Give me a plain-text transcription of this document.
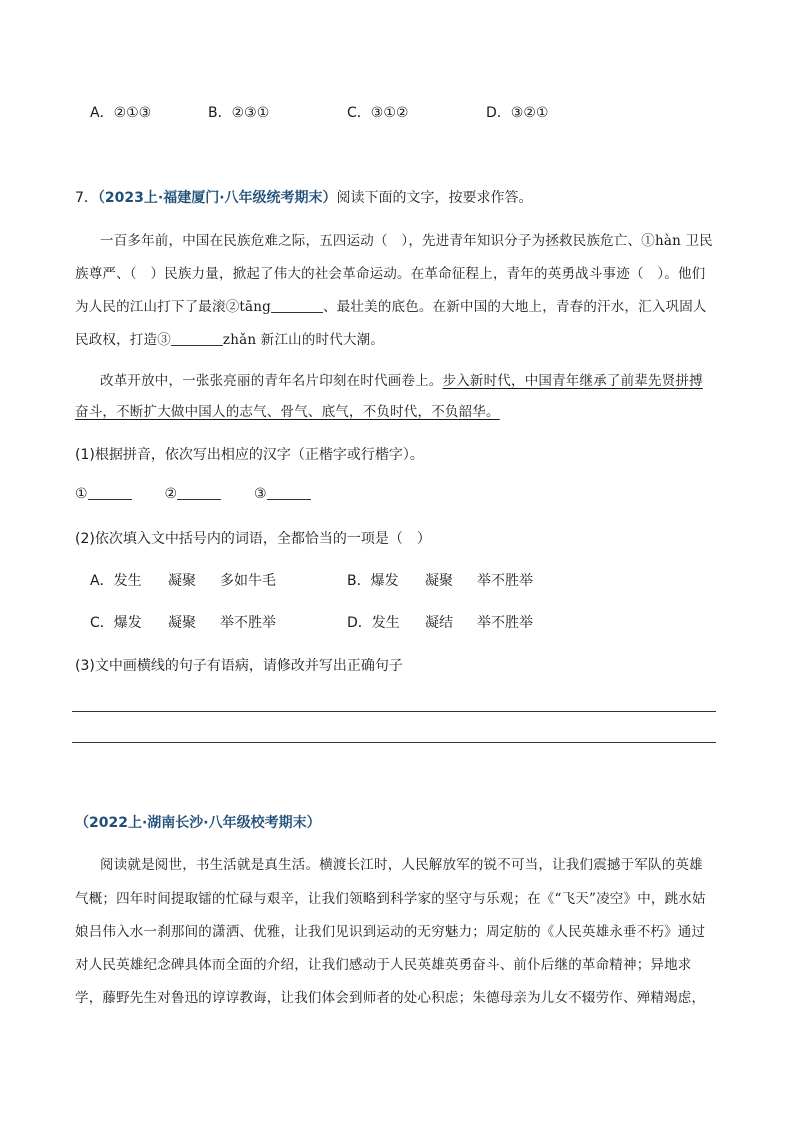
A．②①③	B．②③①	C．③①②	D．③②①
7．（2023上·福建厦门·八年级统考期末）阅读下面的文字，按要求作答。
一百多年前，中国在民族危难之际，五四运动（　），先进青年知识分子为拯救民族危亡、①hàn 卫民
族尊严、（　）民族力量，掀起了伟大的社会革命运动。在革命征程上，青年的英勇战斗事迹（　）。他们
为人民的江山打下了最滚②tāng	、最壮美的底色。在新中国的大地上，青春的汗水，汇入巩固人
民政权，打造③	zhǎn 新江山的时代大潮。
改革开放中，一张张亮丽的青年名片印刻在时代画卷上。步入新时代，中国青年继承了前辈先贤拼搏
奋斗，不断扩大做中国人的志气、骨气、底气，不负时代，不负韶华。
(1)根据拼音，依次写出相应的汉字（正楷字或行楷字）。
①	②	③
(2)依次填入文中括号内的词语，全都恰当的一项是（　）
A．发生 凝聚 多如牛毛	B．爆发 凝聚 举不胜举
C．爆发 凝聚 举不胜举	D．发生 凝结 举不胜举
(3)文中画横线的句子有语病，请修改并写出正确句子
（2022上·湖南长沙·八年级校考期末）
阅读就是阅世，书生活就是真生活。横渡长江时，人民解放军的锐不可当，让我们震撼于军队的英雄
气概；四年时间提取镭的忙碌与艰辛，让我们领略到科学家的坚守与乐观；在《“飞天”凌空》中，跳水姑
娘吕伟入水一刹那间的潇洒、优雅，让我们见识到运动的无穷魅力；周定舫的《人民英雄永垂不朽》通过
对人民英雄纪念碑具体而全面的介绍，让我们感动于人民英雄英勇奋斗、前仆后继的革命精神；异地求
学，藤野先生对鲁迅的谆谆教诲，让我们体会到师者的处心积虑；朱德母亲为儿女不辍劳作、殚精竭虑，
